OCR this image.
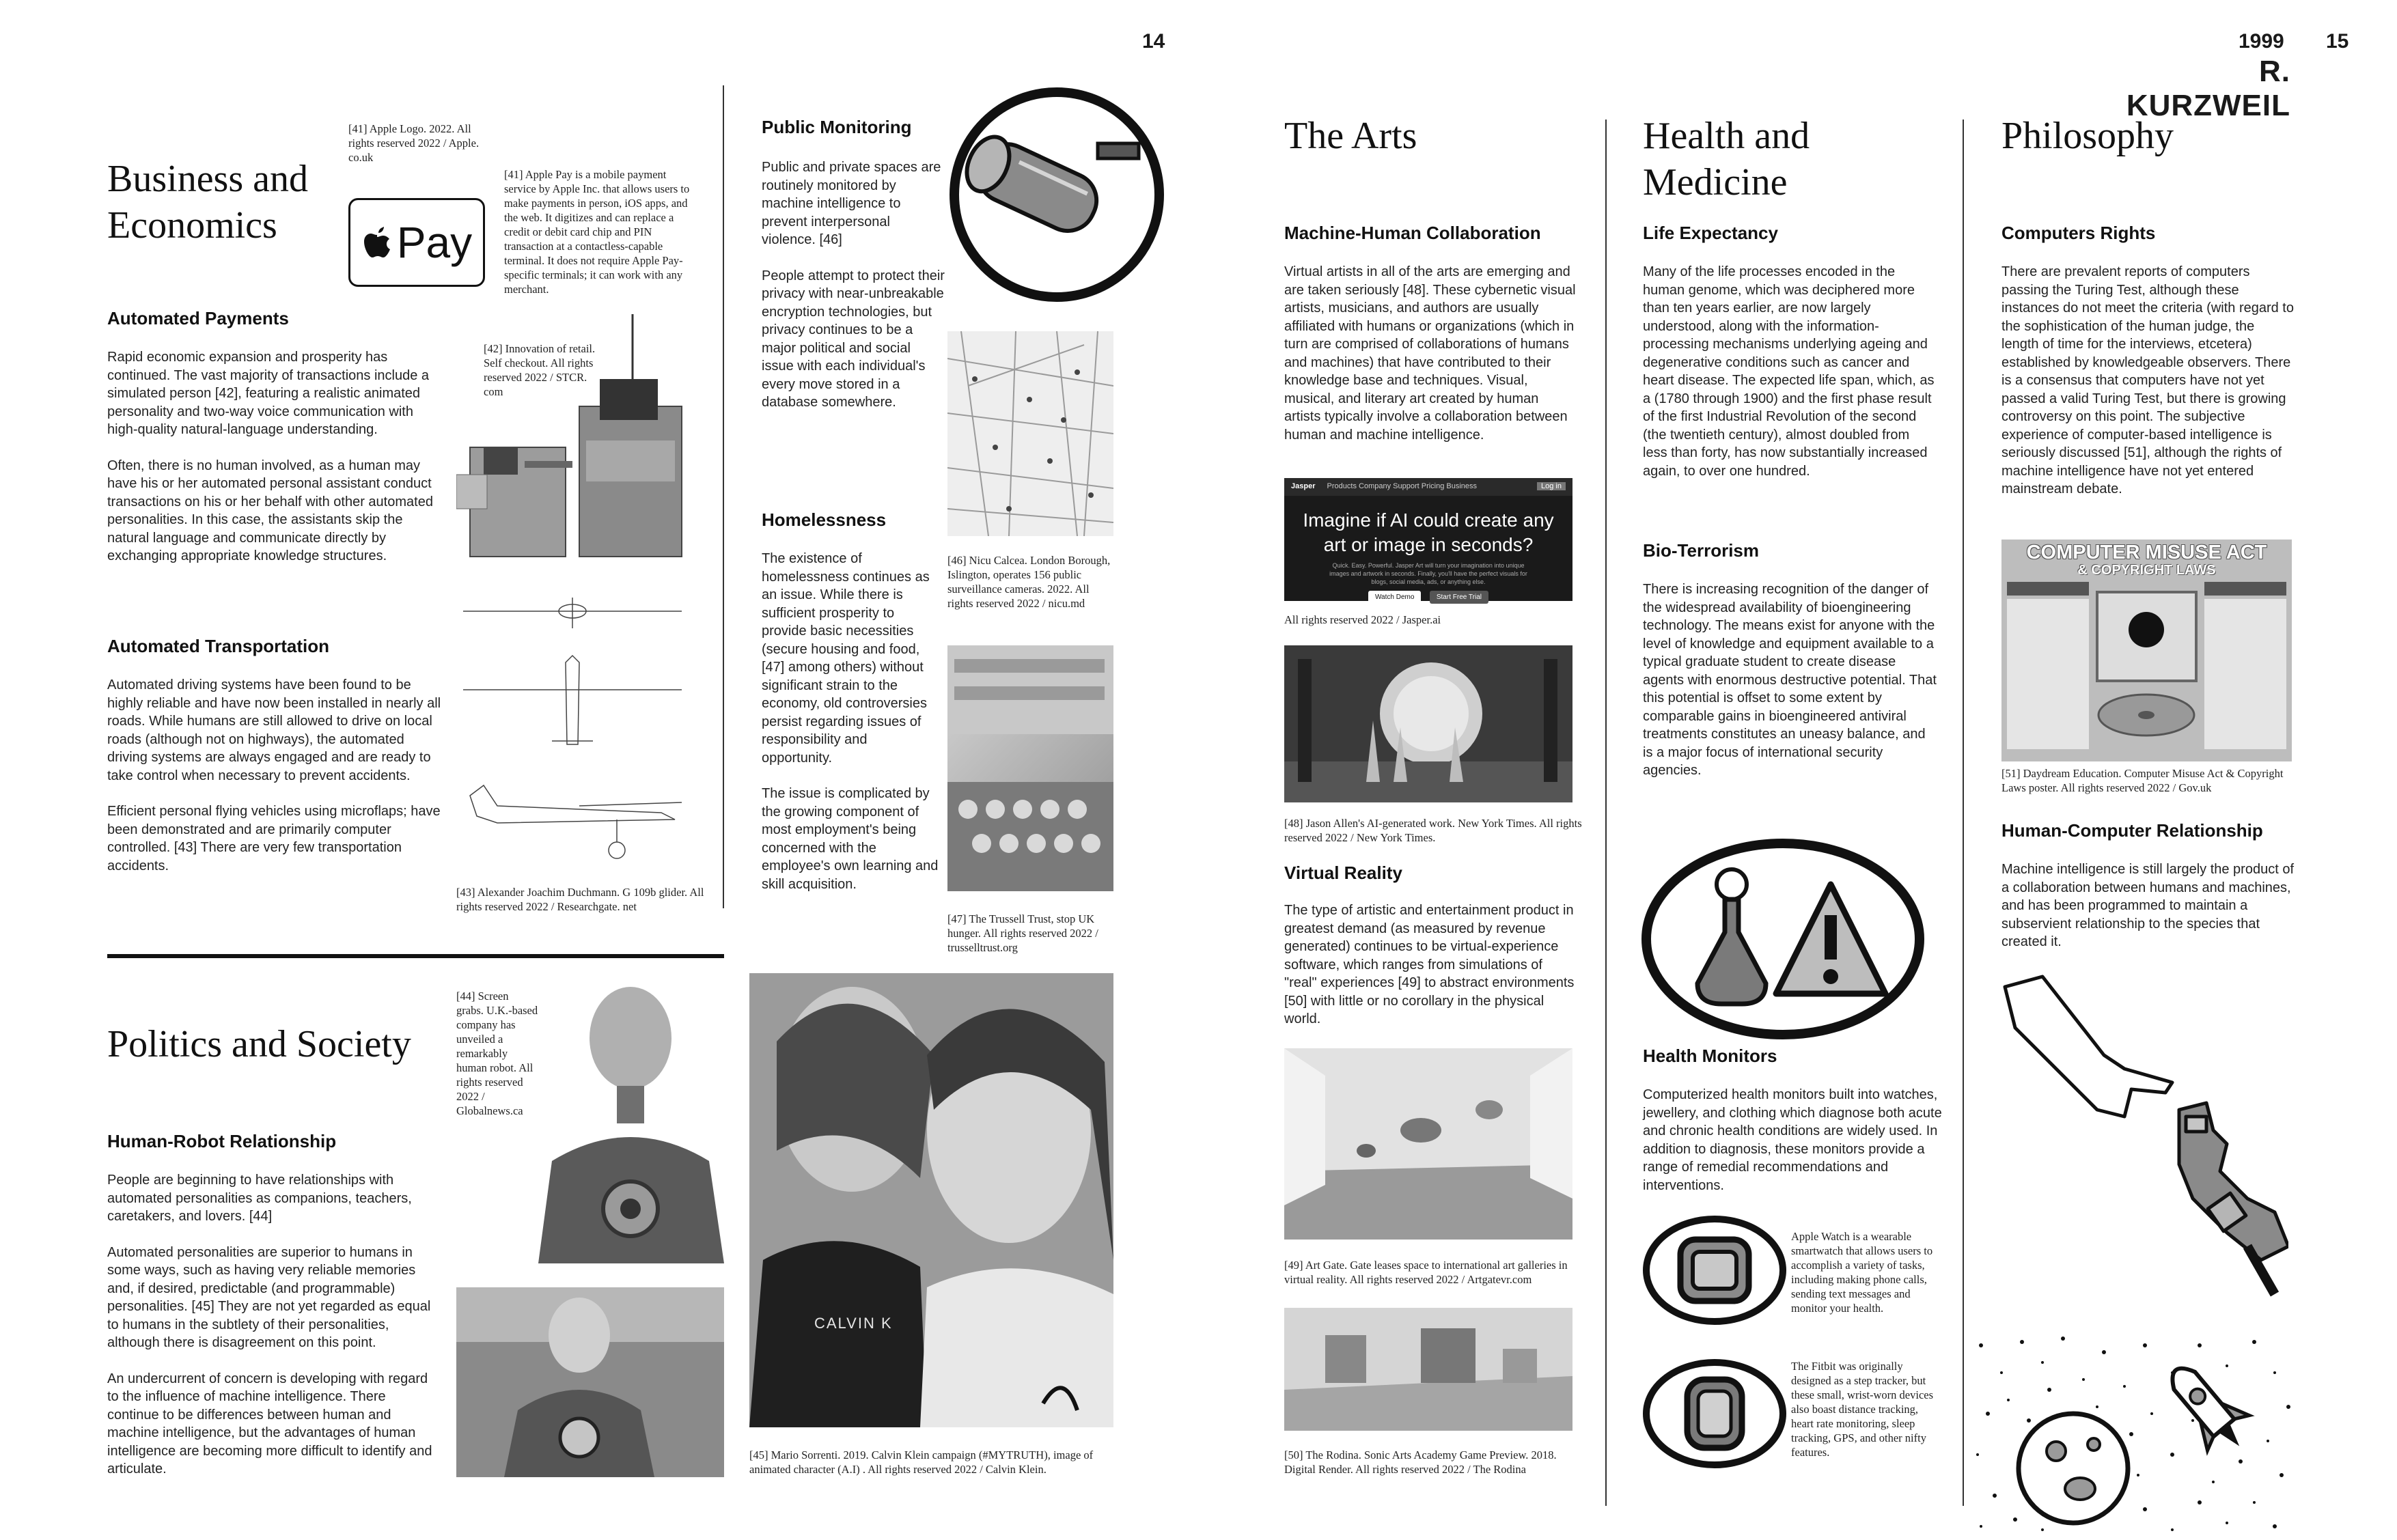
14	1999 15
R. KURZWEIL
Business and Economics
[41] Apple Logo. 2022. All rights reserved 2022 / Apple. co.uk
Pay
[41] Apple Pay is a mobile payment service by Apple Inc. that allows users to make payments in person, iOS apps, and the web. It digitizes and can replace a credit or debit card chip and PIN transaction at a contactless-capable terminal. It does not require Apple Pay-specific terminals; it can work with any merchant.
Automated Payments

Rapid economic expansion and prosperity has continued. The vast majority of transactions include a simulated person [42], featuring a realistic animated personality and two-way voice communication with high-quality natural-language understanding.

Often, there is no human involved, as a human may have his or her automated personal assistant conduct transactions on his or her behalf with other automated personalities. In this case, the assistants skip the natural language and communicate directly by exchanging appropriate knowledge structures.

[42] Innovation of retail. Self checkout. All rights reserved 2022 / STCR. com
Automated Transportation

Automated driving systems have been found to be highly reliable and have now been installed in nearly all roads. While humans are still allowed to drive on local roads (although not on highways), the automated driving systems are always engaged and are ready to take control when necessary to prevent accidents.

Efficient personal flying vehicles using microflaps; have been demonstrated and are primarily computer controlled. [43] There are very few transportation accidents.

[43] Alexander Joachim Duchmann. G 109b glider. All rights reserved 2022 / Researchgate. net
Public Monitoring

Public and private spaces are routinely monitored by machine intelligence to prevent interpersonal violence. [46]

People attempt to protect their privacy with near-unbreakable encryption technologies, but privacy continues to be a major political and social issue with each individual's every move stored in a database somewhere.

[46] Nicu Calcea. London Borough, Islington, operates 156 public surveillance cameras. 2022. All rights reserved 2022 / nicu.md
Homelessness

The existence of homelessness continues as an issue. While there is sufficient prosperity to provide basic necessities (secure housing and food, [47] among others) without significant strain to the economy, old controversies persist regarding issues of responsibility and opportunity.

The issue is complicated by the growing component of most employment's being concerned with the employee's own learning and skill acquisition.

[47] The Trussell Trust, stop UK hunger. All rights reserved 2022 / trusselltrust.org
Politics and Society
Human-Robot Relationship

People are beginning to have relationships with automated personalities as companions, teachers, caretakers, and lovers. [44]

Automated personalities are superior to humans in some ways, such as having very reliable memories and, if desired, predictable (and programmable) personalities. [45] They are not yet regarded as equal to humans in the subtlety of their personalities, although there is disagreement on this point.

An undercurrent of concern is developing with regard to the influence of machine intelligence. There continue to be differences between human and machine intelligence, but the advantages of human intelligence are becoming more difficult to identify and articulate.

[44] Screen grabs. U.K.-based company has unveiled a remarkably human robot. All rights reserved 2022 / Globalnews.ca
CALVIN K
[45] Mario Sorrenti. 2019. Calvin Klein campaign (#MYTRUTH), image of animated character (A.I) . All rights reserved 2022 / Calvin Klein.
The Arts
Machine-Human Collaboration

Virtual artists in all of the arts are emerging and are taken seriously [48]. These cybernetic visual artists, musicians, and authors are usually affiliated with humans or organizations (which in turn are comprised of collaborations of humans and machines) that have contributed to their knowledge base and techniques. Visual, musical, and literary art created by human artists typically involve a collaboration between human and machine intelligence.

Jasper Products Company Support Pricing Business	Log in
Imagine if AI could create any art or image in seconds?
Quick. Easy. Powerful. Jasper Art will turn your imagination into unique images and artwork in seconds. Finally, you'll have the perfect visuals for blogs, social media, ads, or anything else.
Watch Demo	Start Free Trial
All rights reserved 2022 / Jasper.ai
[48] Jason Allen's AI-generated work. New York Times. All rights reserved 2022 / New York Times.
Virtual Reality

The type of artistic and entertainment product in greatest demand (as measured by revenue generated) continues to be virtual-experience software, which ranges from simulations of "real" experiences [49] to abstract environments [50] with little or no corollary in the physical world.

[49] Art Gate. Gate leases space to international art galleries in virtual reality. All rights reserved 2022 / Artgatevr.com
[50] The Rodina. Sonic Arts Academy Game Preview. 2018. Digital Render. All rights reserved 2022 / The Rodina
Health and Medicine
Life Expectancy

Many of the life processes encoded in the human genome, which was deciphered more than ten years earlier, are now largely understood, along with the information-processing mechanisms underlying ageing and degenerative conditions such as cancer and heart disease. The expected life span, which, as a (1780 through 1900) and the first phase result of the first Industrial Revolution of the second (the twentieth century), almost doubled from less than forty, has now substantially increased again, to over one hundred.

Bio-Terrorism

There is increasing recognition of the danger of the widespread availability of bioengineering technology. The means exist for anyone with the level of knowledge and equipment available to a typical graduate student to create disease agents with enormous destructive potential. That this potential is offset to some extent by comparable gains in bioengineered antiviral treatments constitutes an uneasy balance, and is a major focus of international security agencies.

Health Monitors

Computerized health monitors built into watches, jewellery, and clothing which diagnose both acute and chronic health conditions are widely used. In addition to diagnosis, these monitors provide a range of remedial recommendations and interventions.

Apple Watch is a wearable smartwatch that allows users to accomplish a variety of tasks, including making phone calls, sending text messages and monitor your health.
The Fitbit was originally designed as a step tracker, but these small, wrist-worn devices also boast distance tracking, heart rate monitoring, sleep tracking, GPS, and other nifty features.
Philosophy
Computers Rights

There are prevalent reports of computers passing the Turing Test, although these instances do not meet the criteria (with regard to the sophistication of the human judge, the length of time for the interviews, etcetera) established by knowledgeable observers. There is a consensus that computers have not yet passed a valid Turing Test, but there is growing controversy on this point. The subjective experience of computer-based intelligence is seriously discussed [51], although the rights of machine intelligence have not yet entered mainstream debate.

COMPUTER MISUSE ACT
& COPYRIGHT LAWS
[51] Daydream Education. Computer Misuse Act & Copyright Laws poster. All rights reserved 2022 / Gov.uk
Human-Computer Relationship

Machine intelligence is still largely the product of a collaboration between humans and machines, and has been programmed to maintain a subservient relationship to the species that created it.
